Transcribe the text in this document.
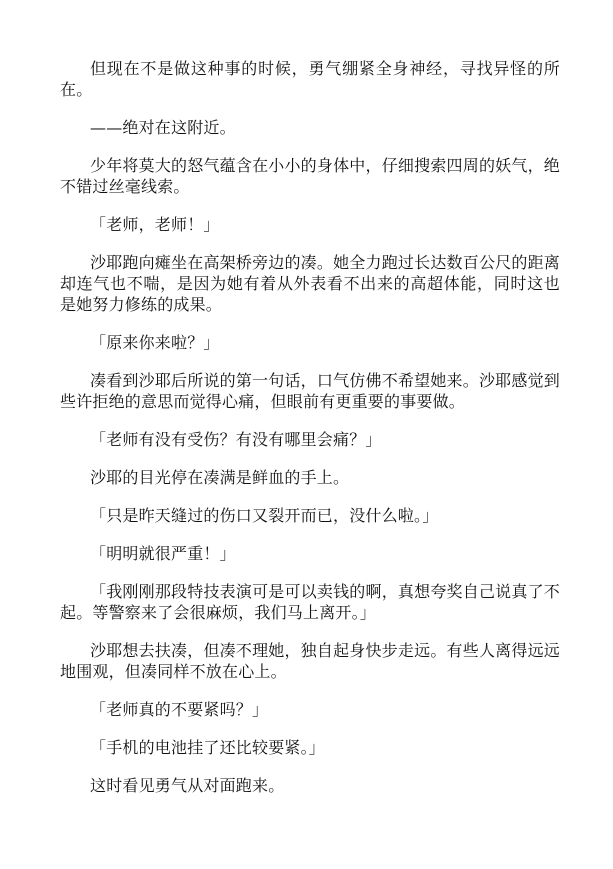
但现在不是做这种事的时候，勇气绷紧全身神经，寻找异怪的所在。

——绝对在这附近。

少年将莫大的怒气蕴含在小小的身体中，仔细搜索四周的妖气，绝不错过丝毫线索。

「老师，老师！」

沙耶跑向瘫坐在高架桥旁边的凑。她全力跑过长达数百公尺的距离却连气也不喘，是因为她有着从外表看不出来的高超体能，同时这也是她努力修练的成果。

「原来你来啦？」

凑看到沙耶后所说的第一句话，口气仿佛不希望她来。沙耶感觉到些许拒绝的意思而觉得心痛，但眼前有更重要的事要做。

「老师有没有受伤？有没有哪里会痛？」

沙耶的目光停在凑满是鲜血的手上。

「只是昨天缝过的伤口又裂开而已，没什么啦。」

「明明就很严重！」

「我刚刚那段特技表演可是可以卖钱的啊，真想夸奖自己说真了不起。等警察来了会很麻烦，我们马上离开。」

沙耶想去扶凑，但凑不理她，独自起身快步走远。有些人离得远远地围观，但凑同样不放在心上。

「老师真的不要紧吗？」

「手机的电池挂了还比较要紧。」

这时看见勇气从对面跑来。
